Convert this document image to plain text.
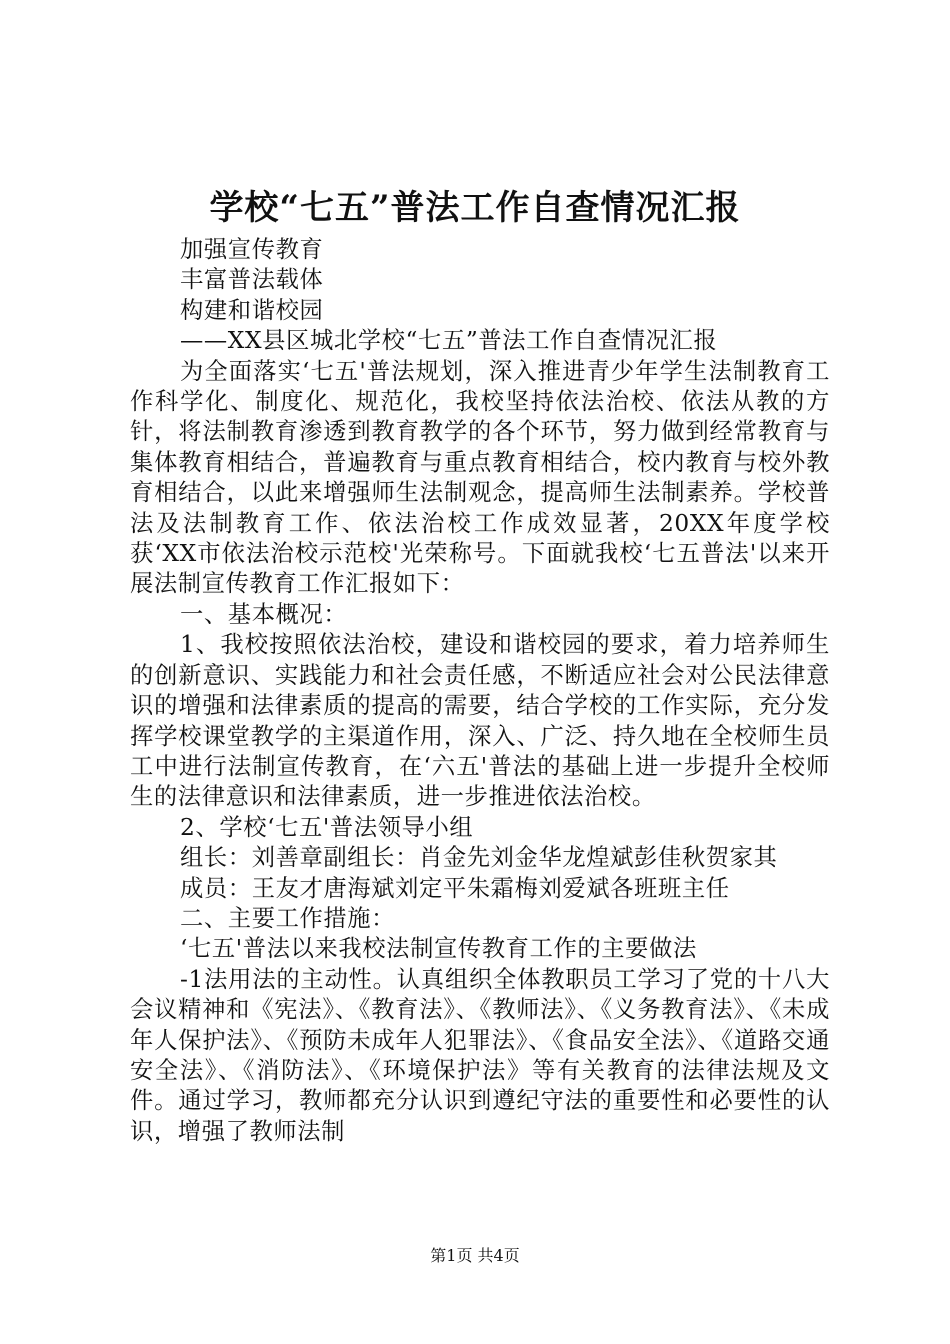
学校“七五”普法工作自查情况汇报

加强宣传教育

丰富普法载体

构建和谐校园

——XX县区城北学校“七五”普法工作自查情况汇报

为全面落实‘七五'普法规划，深入推进青少年学生法制教育工作科学化、制度化、规范化，我校坚持依法治校、依法从教的方针，将法制教育渗透到教育教学的各个环节，努力做到经常教育与集体教育相结合，普遍教育与重点教育相结合，校内教育与校外教育相结合，以此来增强师生法制观念，提高师生法制素养。学校普法及法制教育工作、依法治校工作成效显著，20XX年度学校获‘XX市依法治校示范校'光荣称号。下面就我校‘七五普法'以来开展法制宣传教育工作汇报如下：

一、基本概况：

1、我校按照依法治校，建设和谐校园的要求，着力培养师生的创新意识、实践能力和社会责任感，不断适应社会对公民法律意识的增强和法律素质的提高的需要，结合学校的工作实际，充分发挥学校课堂教学的主渠道作用，深入、广泛、持久地在全校师生员工中进行法制宣传教育，在‘六五'普法的基础上进一步提升全校师生的法律意识和法律素质，进一步推进依法治校。

2、学校‘七五'普法领导小组

组长：刘善章副组长：肖金先刘金华龙煌斌彭佳秋贺家其

成员：王友才唐海斌刘定平朱霜梅刘爱斌各班班主任

二、主要工作措施：

‘七五'普法以来我校法制宣传教育工作的主要做法

-1法用法的主动性。认真组织全体教职员工学习了党的十八大会议精神和《宪法》、《教育法》、《教师法》、《义务教育法》、《未成年人保护法》、《预防未成年人犯罪法》、《食品安全法》、《道路交通安全法》、《消防法》、《环境保护法》等有关教育的法律法规及文件。通过学习，教师都充分认识到遵纪守法的重要性和必要性的认识，增强了教师法制

第1页 共4页
